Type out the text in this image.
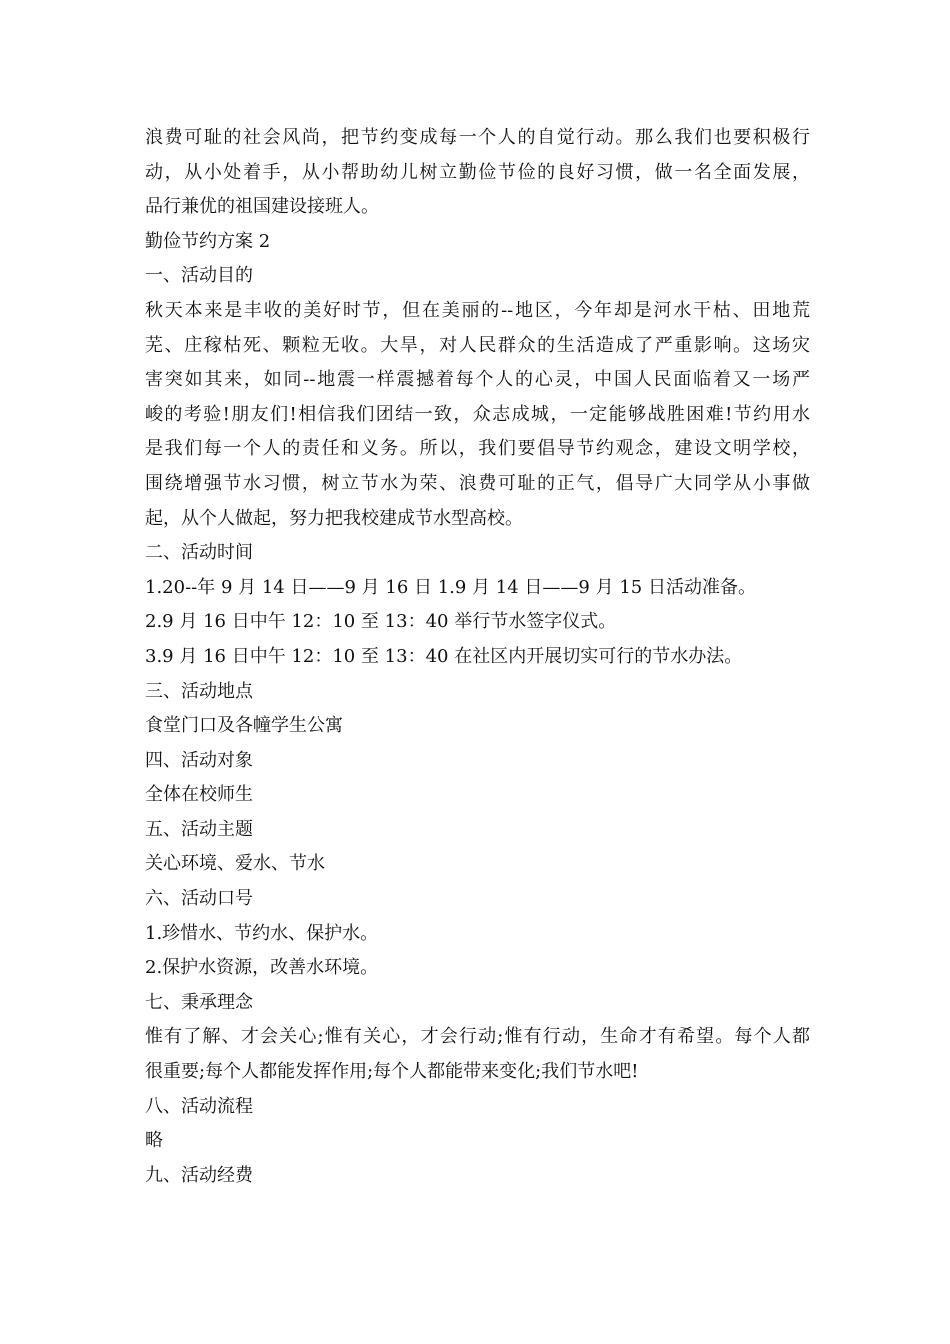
浪费可耻的社会风尚，把节约变成每一个人的自觉行动。那么我们也要积极行
动，从小处着手，从小帮助幼儿树立勤俭节俭的良好习惯，做一名全面发展，
品行兼优的祖国建设接班人。
勤俭节约方案 2
一、活动目的
秋天本来是丰收的美好时节，但在美丽的--地区，今年却是河水干枯、田地荒
芜、庄稼枯死、颗粒无收。大旱，对人民群众的生活造成了严重影响。这场灾
害突如其来，如同--地震一样震撼着每个人的心灵，中国人民面临着又一场严
峻的考验!朋友们!相信我们团结一致，众志成城，一定能够战胜困难!节约用水
是我们每一个人的责任和义务。所以，我们要倡导节约观念，建设文明学校，
围绕增强节水习惯，树立节水为荣、浪费可耻的正气，倡导广大同学从小事做
起，从个人做起，努力把我校建成节水型高校。
二、活动时间
1.20--年 9 月 14 日——9 月 16 日 1.9 月 14 日——9 月 15 日活动准备。
2.9 月 16 日中午 12：10 至 13：40 举行节水签字仪式。
3.9 月 16 日中午 12：10 至 13：40 在社区内开展切实可行的节水办法。
三、活动地点
食堂门口及各幢学生公寓
四、活动对象
全体在校师生
五、活动主题
关心环境、爱水、节水
六、活动口号
1.珍惜水、节约水、保护水。
2.保护水资源，改善水环境。
七、秉承理念
惟有了解、才会关心;惟有关心，才会行动;惟有行动，生命才有希望。每个人都
很重要;每个人都能发挥作用;每个人都能带来变化;我们节水吧!
八、活动流程
略
九、活动经费
